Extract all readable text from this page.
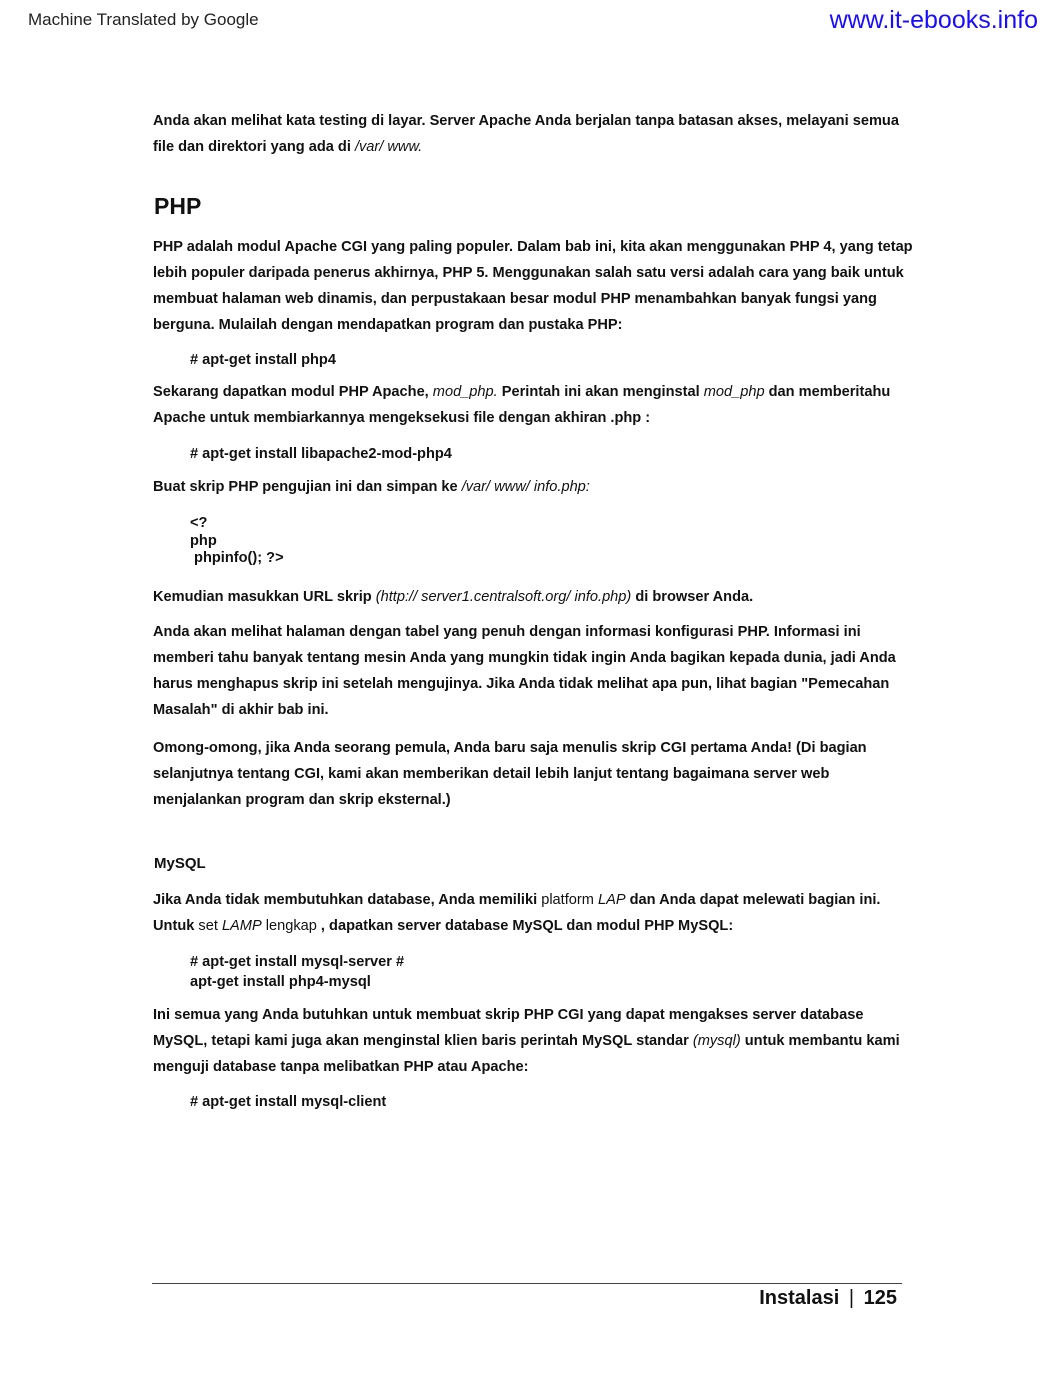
Machine Translated by Google	www.it-ebooks.info

Anda akan melihat kata testing di layar. Server Apache Anda berjalan tanpa batasan akses, melayani semua file dan direktori yang ada di /var/ www.

PHP

PHP adalah modul Apache CGI yang paling populer. Dalam bab ini, kita akan menggunakan PHP 4, yang tetap lebih populer daripada penerus akhirnya, PHP 5. Menggunakan salah satu versi adalah cara yang baik untuk membuat halaman web dinamis, dan perpustakaan besar modul PHP menambahkan banyak fungsi yang berguna. Mulailah dengan mendapatkan program dan pustaka PHP:

# apt-get install php4

Sekarang dapatkan modul PHP Apache, mod_php. Perintah ini akan menginstal mod_php dan memberitahu Apache untuk membiarkannya mengeksekusi file dengan akhiran .php :

# apt-get install libapache2-mod-php4

Buat skrip PHP pengujian ini dan simpan ke /var/ www/ info.php:

<?
php
phpinfo(); ?>

Kemudian masukkan URL skrip (http:// server1.centralsoft.org/ info.php) di browser Anda.

Anda akan melihat halaman dengan tabel yang penuh dengan informasi konfigurasi PHP. Informasi ini memberi tahu banyak tentang mesin Anda yang mungkin tidak ingin Anda bagikan kepada dunia, jadi Anda harus menghapus skrip ini setelah mengujinya. Jika Anda tidak melihat apa pun, lihat bagian "Pemecahan Masalah" di akhir bab ini.

Omong-omong, jika Anda seorang pemula, Anda baru saja menulis skrip CGI pertama Anda! (Di bagian selanjutnya tentang CGI, kami akan memberikan detail lebih lanjut tentang bagaimana server web menjalankan program dan skrip eksternal.)

MySQL

Jika Anda tidak membutuhkan database, Anda memiliki platform LAP dan Anda dapat melewati bagian ini. Untuk set LAMP lengkap , dapatkan server database MySQL dan modul PHP MySQL:

# apt-get install mysql-server #
apt-get install php4-mysql

Ini semua yang Anda butuhkan untuk membuat skrip PHP CGI yang dapat mengakses server database MySQL, tetapi kami juga akan menginstal klien baris perintah MySQL standar (mysql) untuk membantu kami menguji database tanpa melibatkan PHP atau Apache:

# apt-get install mysql-client
Instalasi | 125
